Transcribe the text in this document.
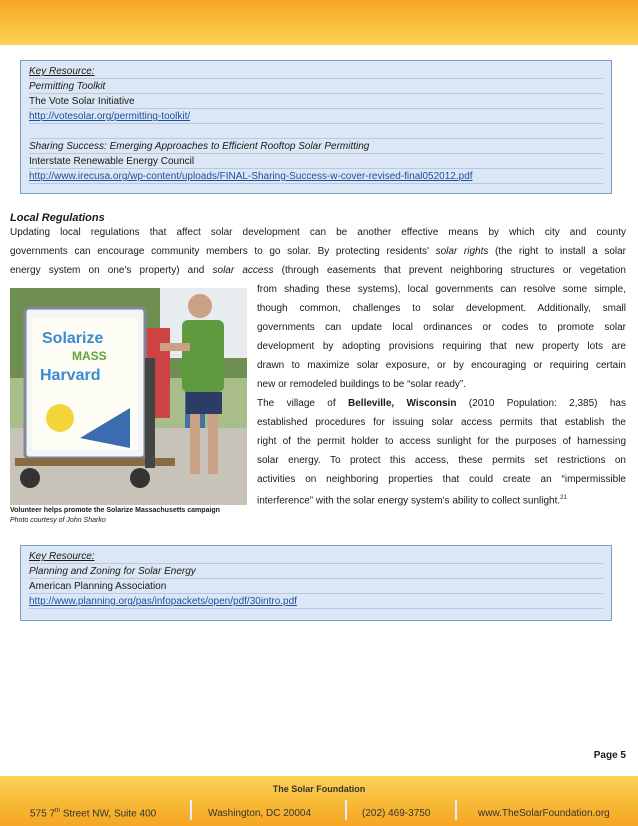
Key Resource:
Permitting Toolkit
The Vote Solar Initiative
http://votesolar.org/permitting-toolkit/
Sharing Success: Emerging Approaches to Efficient Rooftop Solar Permitting
Interstate Renewable Energy Council
http://www.irecusa.org/wp-content/uploads/FINAL-Sharing-Success-w-cover-revised-final052012.pdf
Local Regulations
Updating local regulations that affect solar development can be another effective means by which city and county
governments can encourage community members to go solar. By protecting residents' solar rights (the right to install a solar
energy system on one's property) and solar access (through easements that prevent neighboring structures or vegetation
from shading these systems), local governments can resolve some simple,
though common, challenges to solar development. Additionally, small
governments can update local ordinances or codes to promote solar
development by adopting provisions requiring that new property lots are
drawn to maximize solar exposure, or by encouraging or requiring certain
new or remodeled buildings to be “solar ready”.
The village of Belleville, Wisconsin (2010 Population: 2,385) has
established procedures for issuing solar access permits that establish the
right of the permit holder to access sunlight for the purposes of harnessing
solar energy. To protect this access, these permits set restrictions on
activities on neighboring properties that could create an “impermissible
interference” with the solar energy system's ability to collect sunlight.$^{21}$
Solarize
MASS
Harvard
Volunteer helps promote the Solarize Massachusetts campaign
Photo courtesy of John Sharko
Key Resource:
Planning and Zoning for Solar Energy
American Planning Association
http://www.planning.org/pas/infopackets/open/pdf/30intro.pdf
Page 5
The Solar Foundation
575 7th Street NW, Suite 400	Washington, DC 20004	(202) 469-3750	www.TheSolarFoundation.org
